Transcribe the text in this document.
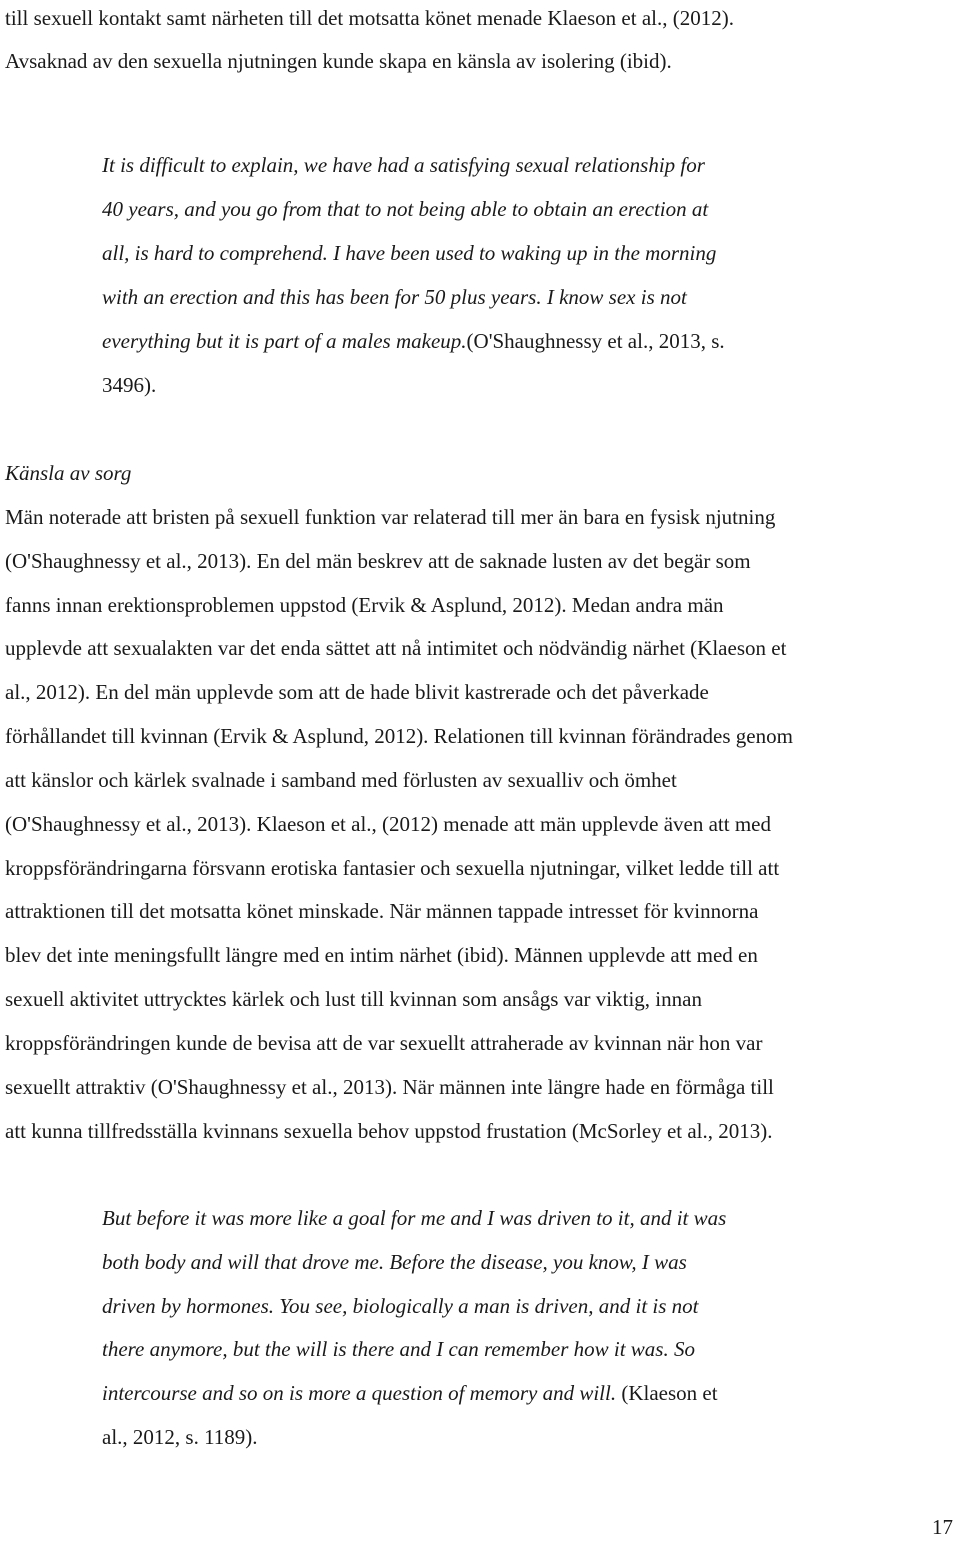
till sexuell kontakt samt närheten till det motsatta könet menade Klaeson et al., (2012).
Avsaknad av den sexuella njutningen kunde skapa en känsla av isolering (ibid).
It is difficult to explain, we have had a satisfying sexual relationship for
40 years, and you go from that to not being able to obtain an erection at
all, is hard to comprehend. I have been used to waking up in the morning
with an erection and this has been for 50 plus years. I know sex is not
everything but it is part of a males makeup.(O'Shaughnessy et al., 2013, s.
3496).
Känsla av sorg
Män noterade att bristen på sexuell funktion var relaterad till mer än bara en fysisk njutning
(O'Shaughnessy et al., 2013). En del män beskrev att de saknade lusten av det begär som
fanns innan erektionsproblemen uppstod (Ervik & Asplund, 2012). Medan andra män
upplevde att sexualakten var det enda sättet att nå intimitet och nödvändig närhet (Klaeson et
al., 2012). En del män upplevde som att de hade blivit kastrerade och det påverkade
förhållandet till kvinnan (Ervik & Asplund, 2012). Relationen till kvinnan förändrades genom
att känslor och kärlek svalnade i samband med förlusten av sexualliv och ömhet
(O'Shaughnessy et al., 2013). Klaeson et al., (2012) menade att män upplevde även att med
kroppsförändringarna försvann erotiska fantasier och sexuella njutningar, vilket ledde till att
attraktionen till det motsatta könet minskade. När männen tappade intresset för kvinnorna
blev det inte meningsfullt längre med en intim närhet (ibid). Männen upplevde att med en
sexuell aktivitet uttrycktes kärlek och lust till kvinnan som ansågs var viktig, innan
kroppsförändringen kunde de bevisa att de var sexuellt attraherade av kvinnan när hon var
sexuellt attraktiv (O'Shaughnessy et al., 2013). När männen inte längre hade en förmåga till
att kunna tillfredsställa kvinnans sexuella behov uppstod frustation (McSorley et al., 2013).
But before it was more like a goal for me and I was driven to it, and it was
both body and will that drove me. Before the disease, you know, I was
driven by hormones. You see, biologically a man is driven, and it is not
there anymore, but the will is there and I can remember how it was. So
intercourse and so on is more a question of memory and will. (Klaeson et
al., 2012, s. 1189).
17
